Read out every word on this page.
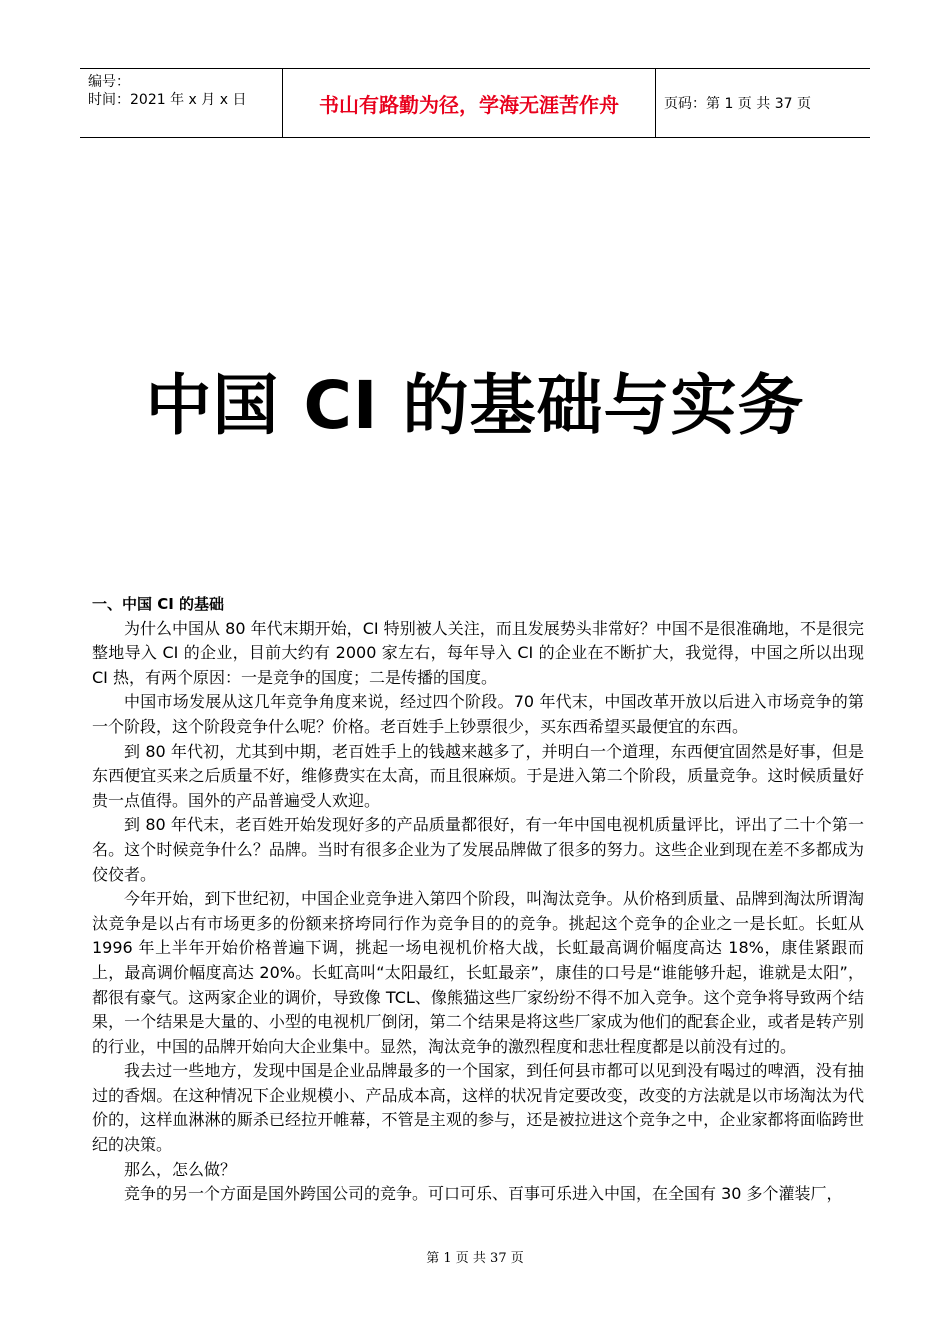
编号：
时间：2021 年 x 月 x 日	书山有路勤为径，学海无涯苦作舟	页码：第 1 页 共 37 页
中国 CI 的基础与实务

一、中国 CI 的基础

为什么中国从 80 年代末期开始，CI 特别被人关注，而且发展势头非常好？中国不是很准确地，不是很完整地导入 CI 的企业，目前大约有 2000 家左右，每年导入 CI 的企业在不断扩大，我觉得，中国之所以出现 CI 热，有两个原因：一是竞争的国度；二是传播的国度。

中国市场发展从这几年竞争角度来说，经过四个阶段。70 年代末，中国改革开放以后进入市场竞争的第一个阶段，这个阶段竞争什么呢？价格。老百姓手上钞票很少，买东西希望买最便宜的东西。

到 80 年代初，尤其到中期，老百姓手上的钱越来越多了，并明白一个道理，东西便宜固然是好事，但是东西便宜买来之后质量不好，维修费实在太高，而且很麻烦。于是进入第二个阶段，质量竞争。这时候质量好贵一点值得。国外的产品普遍受人欢迎。

到 80 年代末，老百姓开始发现好多的产品质量都很好，有一年中国电视机质量评比，评出了二十个第一名。这个时候竞争什么？品牌。当时有很多企业为了发展品牌做了很多的努力。这些企业到现在差不多都成为佼佼者。

今年开始，到下世纪初，中国企业竞争进入第四个阶段，叫淘汰竞争。从价格到质量、品牌到淘汰所谓淘汰竞争是以占有市场更多的份额来挤垮同行作为竞争目的的竞争。挑起这个竞争的企业之一是长虹。长虹从 1996 年上半年开始价格普遍下调，挑起一场电视机价格大战，长虹最高调价幅度高达 18%，康佳紧跟而上，最高调价幅度高达 20%。长虹高叫“太阳最红，长虹最亲”，康佳的口号是“谁能够升起，谁就是太阳”，都很有豪气。这两家企业的调价，导致像 TCL、像熊猫这些厂家纷纷不得不加入竞争。这个竞争将导致两个结果，一个结果是大量的、小型的电视机厂倒闭，第二个结果是将这些厂家成为他们的配套企业，或者是转产别的行业，中国的品牌开始向大企业集中。显然，淘汰竞争的激烈程度和悲壮程度都是以前没有过的。

我去过一些地方，发现中国是企业品牌最多的一个国家，到任何县市都可以见到没有喝过的啤酒，没有抽过的香烟。在这种情况下企业规模小、产品成本高，这样的状况肯定要改变，改变的方法就是以市场淘汰为代价的，这样血淋淋的厮杀已经拉开帷幕，不管是主观的参与，还是被拉进这个竞争之中，企业家都将面临跨世纪的决策。

那么，怎么做？

竞争的另一个方面是国外跨国公司的竞争。可口可乐、百事可乐进入中国，在全国有 30 多个灌装厂，

第 1 页 共 37 页
